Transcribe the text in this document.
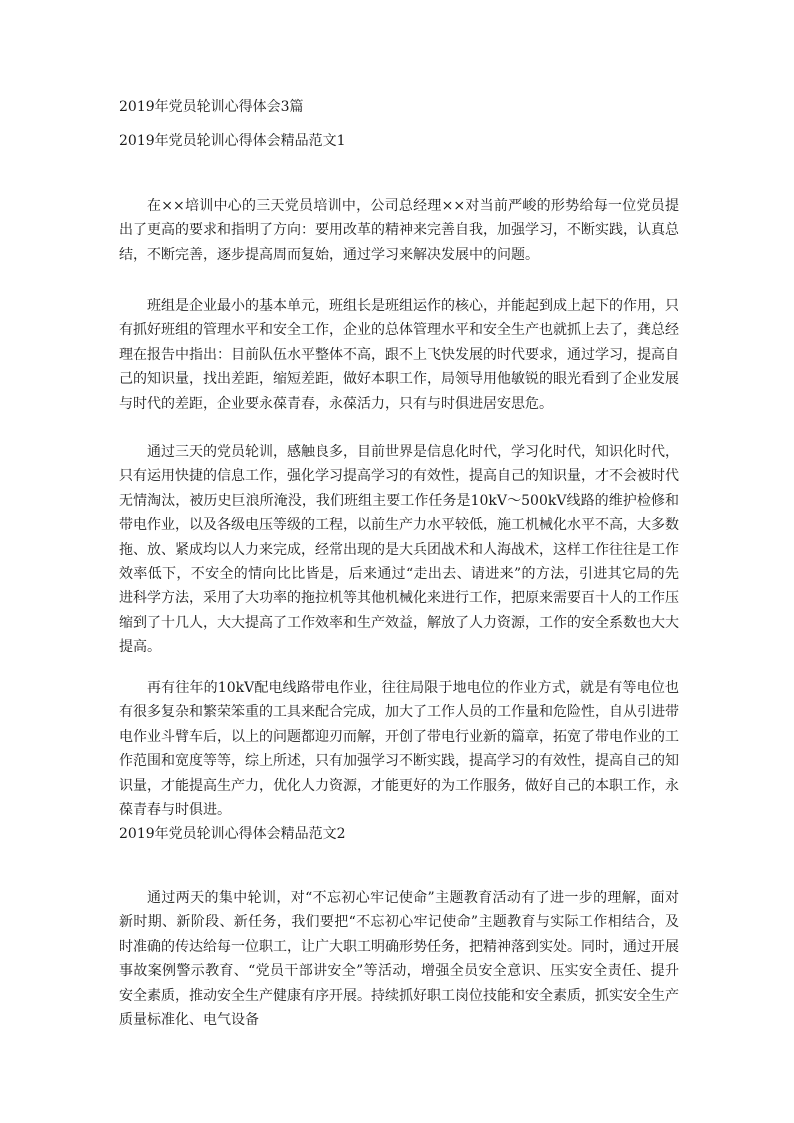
2019年党员轮训心得体会3篇
2019年党员轮训心得体会精品范文1

在××培训中心的三天党员培训中，公司总经理××对当前严峻的形势给每一位党员提出了更高的要求和指明了方向：要用改革的精神来完善自我，加强学习，不断实践，认真总结，不断完善，逐步提高周而复始，通过学习来解决发展中的问题。

班组是企业最小的基本单元，班组长是班组运作的核心，并能起到成上起下的作用，只有抓好班组的管理水平和安全工作，企业的总体管理水平和安全生产也就抓上去了，龚总经理在报告中指出：目前队伍水平整体不高，跟不上飞快发展的时代要求，通过学习，提高自己的知识量，找出差距，缩短差距，做好本职工作，局领导用他敏锐的眼光看到了企业发展与时代的差距，企业要永葆青春，永葆活力，只有与时俱进居安思危。

通过三天的党员轮训，感触良多，目前世界是信息化时代，学习化时代，知识化时代，只有运用快捷的信息工作，强化学习提高学习的有效性，提高自己的知识量，才不会被时代无情淘汰，被历史巨浪所淹没，我们班组主要工作任务是10kV～500kV线路的维护检修和带电作业，以及各级电压等级的工程，以前生产力水平较低，施工机械化水平不高，大多数拖、放、紧成均以人力来完成，经常出现的是大兵团战术和人海战术，这样工作往往是工作效率低下，不安全的情向比比皆是，后来通过“走出去、请进来”的方法，引进其它局的先进科学方法，采用了大功率的拖拉机等其他机械化来进行工作，把原来需要百十人的工作压缩到了十几人，大大提高了工作效率和生产效益，解放了人力资源，工作的安全系数也大大提高。

再有往年的10kV配电线路带电作业，往往局限于地电位的作业方式，就是有等电位也有很多复杂和繁荣笨重的工具来配合完成，加大了工作人员的工作量和危险性，自从引进带电作业斗臂车后，以上的问题都迎刃而解，开创了带电行业新的篇章，拓宽了带电作业的工作范围和宽度等等，综上所述，只有加强学习不断实践，提高学习的有效性，提高自己的知识量，才能提高生产力，优化人力资源，才能更好的为工作服务，做好自己的本职工作，永葆青春与时俱进。

2019年党员轮训心得体会精品范文2

通过两天的集中轮训，对“不忘初心牢记使命”主题教育活动有了进一步的理解，面对新时期、新阶段、新任务，我们要把“不忘初心牢记使命”主题教育与实际工作相结合，及时准确的传达给每一位职工，让广大职工明确形势任务，把精神落到实处。同时，通过开展事故案例警示教育、“党员干部讲安全”等活动，增强全员安全意识、压实安全责任、提升安全素质，推动安全生产健康有序开展。持续抓好职工岗位技能和安全素质，抓实安全生产质量标准化、电气设备
